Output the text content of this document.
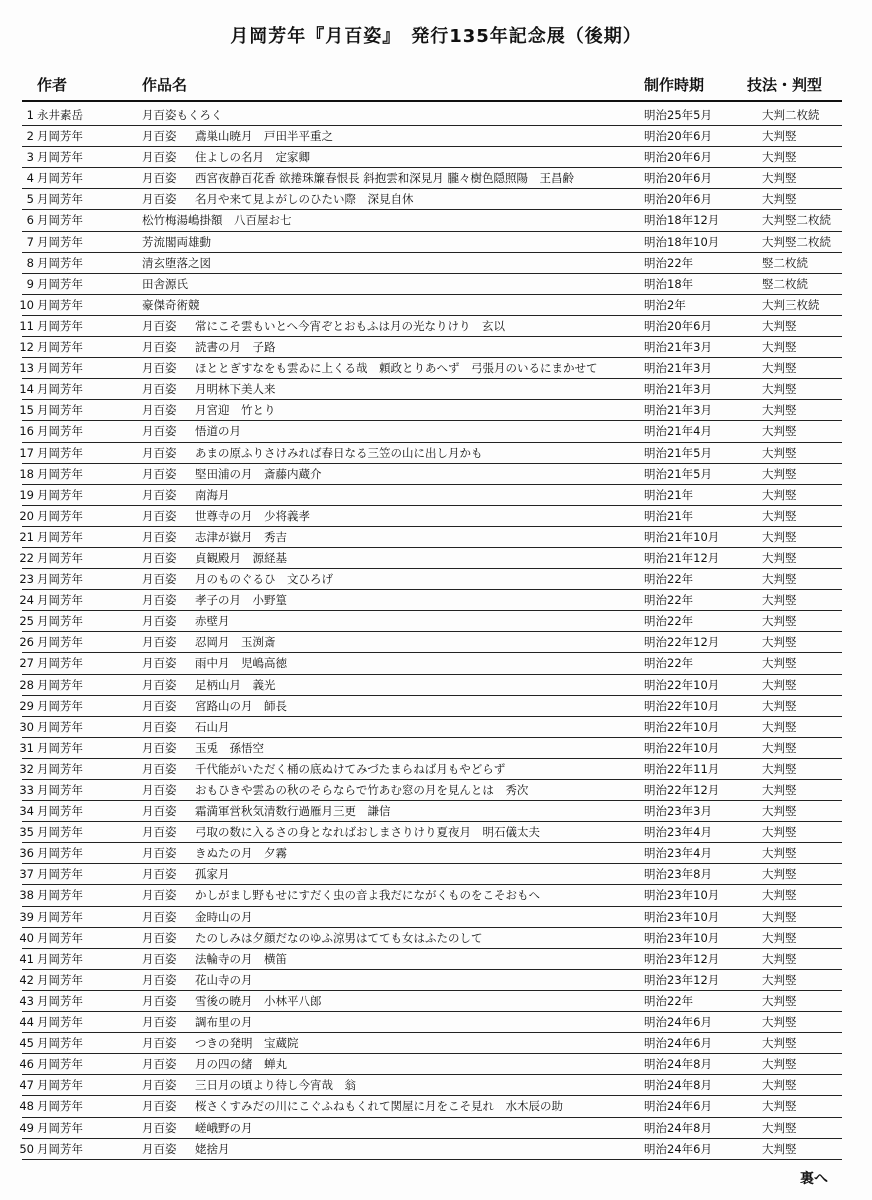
月岡芳年『月百姿』　発行135年記念展（後期）
作者	作品名	制作時期	技法・判型
1 永井素岳	月百姿もくろく	明治25年5月	大判二枚続
2 月岡芳年	月百姿 鳶巣山暁月　戸田半平重之	明治20年6月	大判竪
3 月岡芳年	月百姿 住よしの名月　定家卿	明治20年6月	大判竪
4 月岡芳年	月百姿 西宮夜静百花香 欲捲珠簾春恨長 斜抱雲和深見月 朧々樹色隠照陽　王昌齢	明治20年6月	大判竪
5 月岡芳年	月百姿 名月や来て見よがしのひたい際　深見自休	明治20年6月	大判竪
6 月岡芳年	松竹梅湯嶋掛額　八百屋お七	明治18年12月	大判竪二枚続
7 月岡芳年	芳流閣両雄動	明治18年10月	大判竪二枚続
8 月岡芳年	清玄堕落之図	明治22年	竪二枚続
9 月岡芳年	田舎源氏	明治18年	竪二枚続
10 月岡芳年	豪傑奇術競	明治2年	大判三枚続
11 月岡芳年	月百姿 常にこそ雲もいとへ今宵ぞとおもふは月の光なりけり　玄以	明治20年6月	大判竪
12 月岡芳年	月百姿 読書の月　子路	明治21年3月	大判竪
13 月岡芳年	月百姿 ほととぎすなをも雲ゐに上くる哉　頼政とりあへず　弓張月のいるにまかせて	明治21年3月	大判竪
14 月岡芳年	月百姿 月明林下美人来	明治21年3月	大判竪
15 月岡芳年	月百姿 月宮迎　竹とり	明治21年3月	大判竪
16 月岡芳年	月百姿 悟道の月	明治21年4月	大判竪
17 月岡芳年	月百姿 あまの原ふりさけみれば春日なる三笠の山に出し月かも	明治21年5月	大判竪
18 月岡芳年	月百姿 堅田浦の月　斎藤内蔵介	明治21年5月	大判竪
19 月岡芳年	月百姿 南海月	明治21年	大判竪
20 月岡芳年	月百姿 世尊寺の月　少将義孝	明治21年	大判竪
21 月岡芳年	月百姿 志津が嶽月　秀吉	明治21年10月	大判竪
22 月岡芳年	月百姿 貞観殿月　源経基	明治21年12月	大判竪
23 月岡芳年	月百姿 月のものぐるひ　文ひろげ	明治22年	大判竪
24 月岡芳年	月百姿 孝子の月　小野篁	明治22年	大判竪
25 月岡芳年	月百姿 赤壁月	明治22年	大判竪
26 月岡芳年	月百姿 忍岡月　玉渕斎	明治22年12月	大判竪
27 月岡芳年	月百姿 雨中月　児嶋高徳	明治22年	大判竪
28 月岡芳年	月百姿 足柄山月　義光	明治22年10月	大判竪
29 月岡芳年	月百姿 宮路山の月　師長	明治22年10月	大判竪
30 月岡芳年	月百姿 石山月	明治22年10月	大判竪
31 月岡芳年	月百姿 玉兎　孫悟空	明治22年10月	大判竪
32 月岡芳年	月百姿 千代能がいただく桶の底ぬけてみづたまらねば月もやどらず	明治22年11月	大判竪
33 月岡芳年	月百姿 おもひきや雲ゐの秋のそらならで竹あむ窓の月を見んとは　秀次	明治22年12月	大判竪
34 月岡芳年	月百姿 霜満軍営秋気清数行過雁月三更　謙信	明治23年3月	大判竪
35 月岡芳年	月百姿 弓取の数に入るさの身となればおしまさりけり夏夜月　明石儀太夫	明治23年4月	大判竪
36 月岡芳年	月百姿 きぬたの月　夕霧	明治23年4月	大判竪
37 月岡芳年	月百姿 孤家月	明治23年8月	大判竪
38 月岡芳年	月百姿 かしがまし野もせにすだく虫の音よ我だにながくものをこそおもへ	明治23年10月	大判竪
39 月岡芳年	月百姿 金時山の月	明治23年10月	大判竪
40 月岡芳年	月百姿 たのしみは夕顔だなのゆふ涼男はてても女はふたのして	明治23年10月	大判竪
41 月岡芳年	月百姿 法輪寺の月　横笛	明治23年12月	大判竪
42 月岡芳年	月百姿 花山寺の月	明治23年12月	大判竪
43 月岡芳年	月百姿 雪後の暁月　小林平八郎	明治22年	大判竪
44 月岡芳年	月百姿 調布里の月	明治24年6月	大判竪
45 月岡芳年	月百姿 つきの発明　宝蔵院	明治24年6月	大判竪
46 月岡芳年	月百姿 月の四の緒　蝉丸	明治24年8月	大判竪
47 月岡芳年	月百姿 三日月の頃より待し今宵哉　翁	明治24年8月	大判竪
48 月岡芳年	月百姿 桜さくすみだの川にこぐふねもくれて関屋に月をこそ見れ　水木辰の助	明治24年6月	大判竪
49 月岡芳年	月百姿 嵯峨野の月	明治24年8月	大判竪
50 月岡芳年	月百姿 姥捨月	明治24年6月	大判竪
裏へ
